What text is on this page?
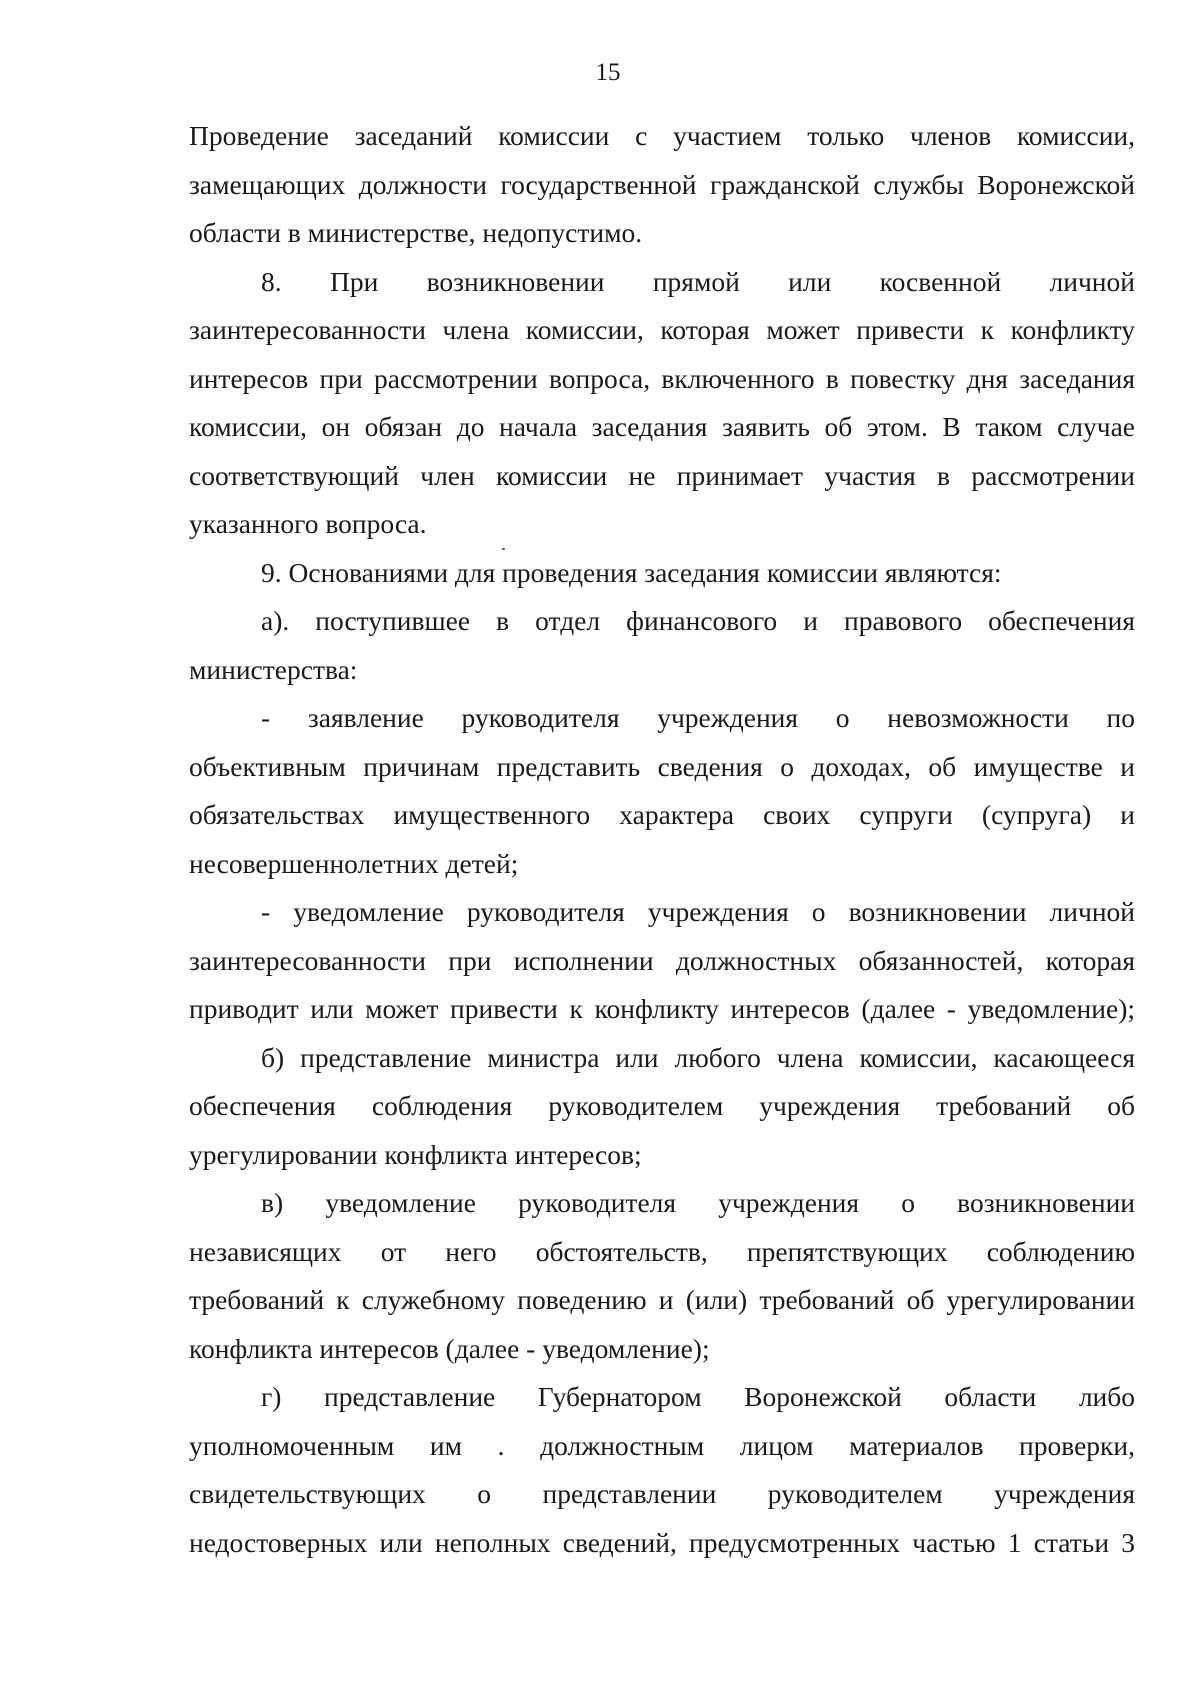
15
Проведение заседаний комиссии с участием только членов комиссии,
замещающих должности государственной гражданской службы Воронежской
области в министерстве, недопустимо.
8. При возникновении прямой или косвенной личной
заинтересованности члена комиссии, которая может привести к конфликту
интересов при рассмотрении вопроса, включенного в повестку дня заседания
комиссии, он обязан до начала заседания заявить об этом. В таком случае
соответствующий член комиссии не принимает участия в рассмотрении
указанного вопроса.
9. Основаниями для проведения заседания комиссии являются:
а). поступившее в отдел финансового и правового обеспечения
министерства:
- заявление руководителя учреждения о невозможности по
объективным причинам представить сведения о доходах, об имуществе и
обязательствах имущественного характера своих супруги (супруга) и
несовершеннолетних детей;
- уведомление руководителя учреждения о возникновении личной
заинтересованности при исполнении должностных обязанностей, которая
приводит или может привести к конфликту интересов (далее - уведомление);
б) представление министра или любого члена комиссии, касающееся
обеспечения соблюдения руководителем учреждения требований об
урегулировании конфликта интересов;
в) уведомление руководителя учреждения о возникновении
независящих от него обстоятельств, препятствующих соблюдению
требований к служебному поведению и (или) требований об урегулировании
конфликта интересов (далее - уведомление);
г) представление Губернатором Воронежской области либо
уполномоченным им . должностным лицом материалов проверки,
свидетельствующих о представлении руководителем учреждения
недостоверных или неполных сведений, предусмотренных частью 1 статьи 3
